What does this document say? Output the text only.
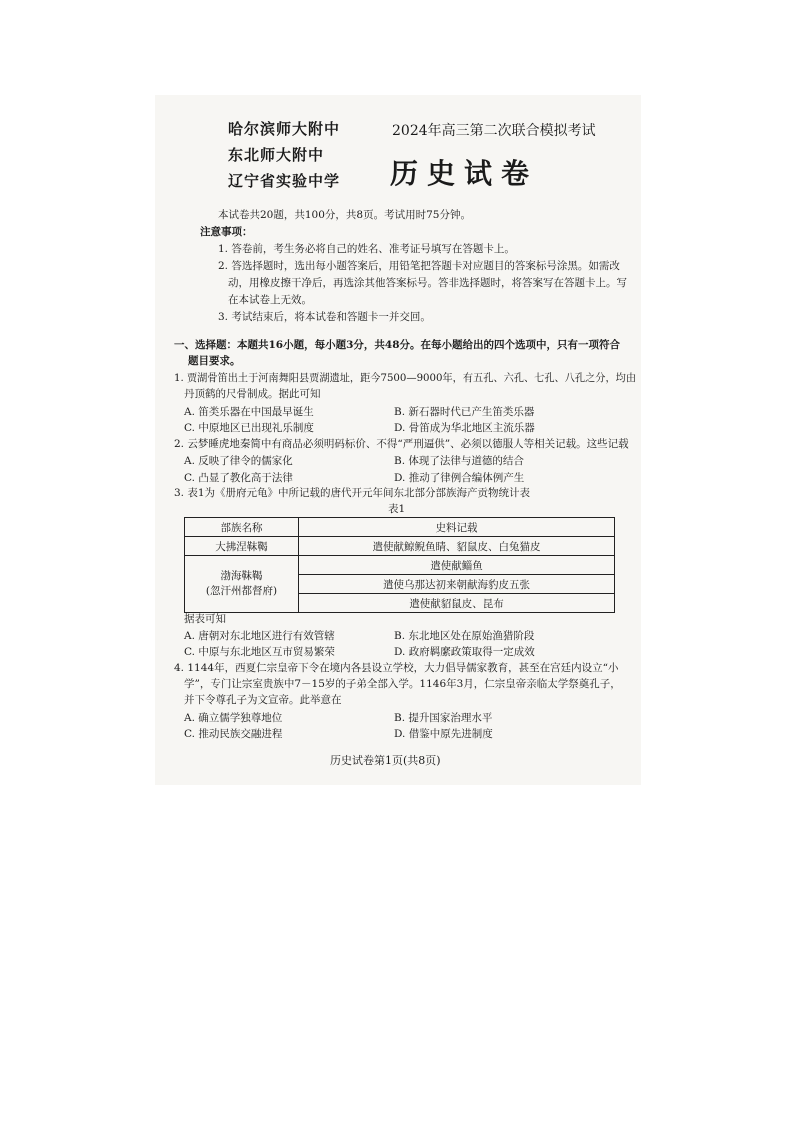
哈尔滨师大附中
东北师大附中
辽宁省实验中学
2024年高三第二次联合模拟考试
历史试卷
本试卷共20题，共100分，共8页。考试用时75分钟。
注意事项：
1. 答卷前，考生务必将自己的姓名、准考证号填写在答题卡上。
2. 答选择题时，选出每小题答案后，用铅笔把答题卡对应题目的答案标号涂黑。如需改
动，用橡皮擦干净后，再选涂其他答案标号。答非选择题时，将答案写在答题卡上。写
在本试卷上无效。
3. 考试结束后，将本试卷和答题卡一并交回。
一、选择题：本题共16小题，每小题3分，共48分。在每小题给出的四个选项中，只有一项符合
题目要求。
1. 贾湖骨笛出土于河南舞阳县贾湖遗址，距今7500—9000年，有五孔、六孔、七孔、八孔之分，均由
丹顶鹤的尺骨制成。据此可知
A. 笛类乐器在中国最早诞生	B. 新石器时代已产生笛类乐器
C. 中原地区已出现礼乐制度	D. 骨笛成为华北地区主流乐器
2. 云梦睡虎地秦简中有商品必须明码标价、不得“严刑逼供”、必须以德服人等相关记载。这些记载
A. 反映了律令的儒家化	B. 体现了法律与道德的结合
C. 凸显了教化高于法律	D. 推动了律例合编体例产生
3. 表1为《册府元龟》中所记载的唐代开元年间东北部分部族海产贡物统计表
表1
部族名称	史料记载
大拂涅靺鞨	遣使献鲸鲵鱼睛、貂鼠皮、白兔猫皮

渤海靺鞨
(忽汗州都督府)	遣使献鲻鱼
	遣使乌那达初来朝献海豹皮五张
	遣使献貂鼠皮、昆布
据表可知
A. 唐朝对东北地区进行有效管辖	B. 东北地区处在原始渔猎阶段
C. 中原与东北地区互市贸易繁荣	D. 政府羁縻政策取得一定成效
4. 1144年，西夏仁宗皇帝下令在境内各县设立学校，大力倡导儒家教育，甚至在宫廷内设立“小
学”，专门让宗室贵族中7－15岁的子弟全部入学。1146年3月，仁宗皇帝亲临太学祭奠孔子，
并下令尊孔子为文宣帝。此举意在
A. 确立儒学独尊地位	B. 提升国家治理水平
C. 推动民族交融进程	D. 借鉴中原先进制度
历史试卷第1页(共8页)
